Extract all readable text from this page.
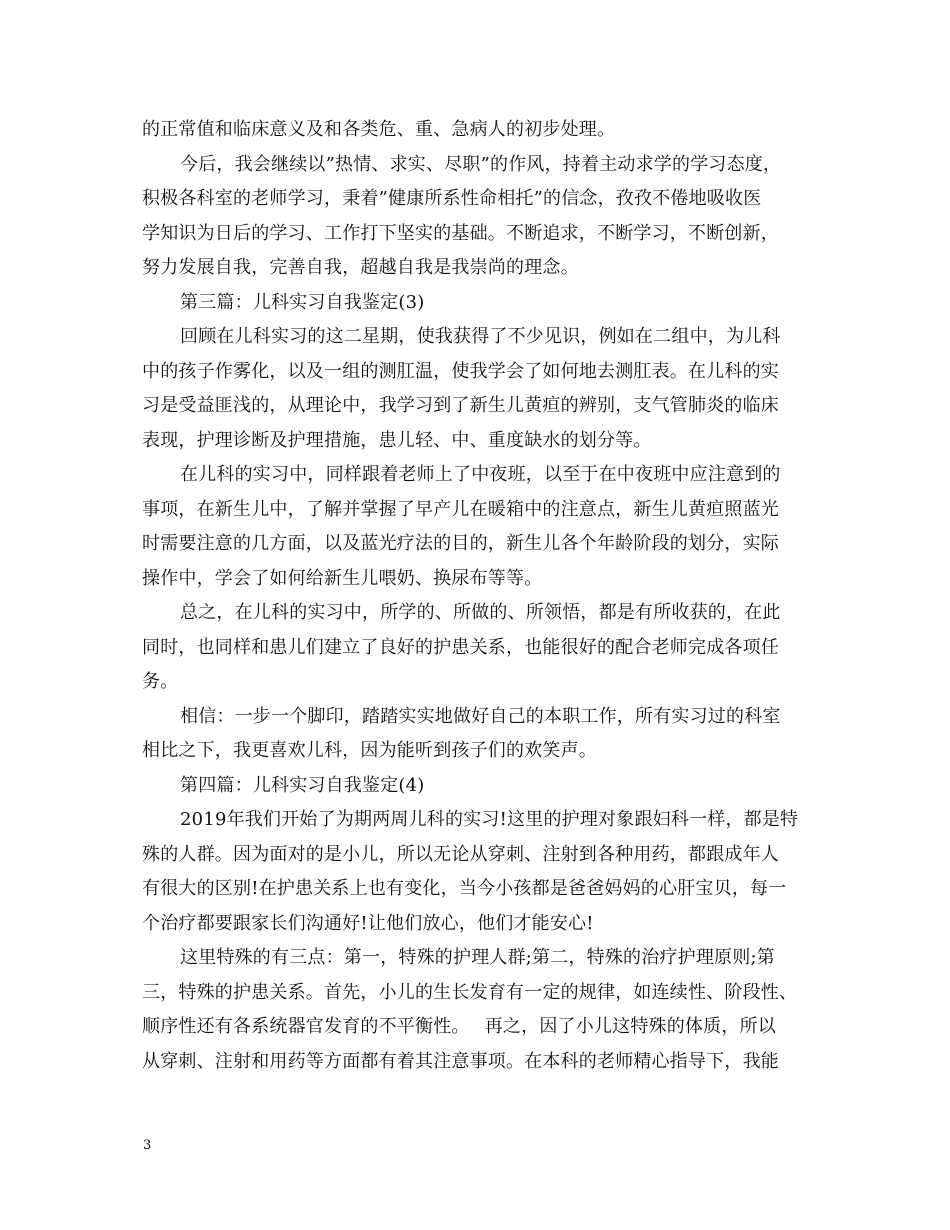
的正常值和临床意义及和各类危、重、急病人的初步处理。
今后，我会继续以”热情、求实、尽职”的作风，持着主动求学的学习态度，
积极各科室的老师学习，秉着”健康所系性命相托”的信念，孜孜不倦地吸收医
学知识为日后的学习、工作打下坚实的基础。不断追求，不断学习，不断创新，
努力发展自我，完善自我，超越自我是我崇尚的理念。
第三篇：儿科实习自我鉴定(3)
回顾在儿科实习的这二星期，使我获得了不少见识，例如在二组中，为儿科
中的孩子作雾化，以及一组的测肛温，使我学会了如何地去测肛表。在儿科的实
习是受益匪浅的，从理论中，我学习到了新生儿黄疸的辨别，支气管肺炎的临床
表现，护理诊断及护理措施，患儿轻、中、重度缺水的划分等。
在儿科的实习中，同样跟着老师上了中夜班，以至于在中夜班中应注意到的
事项，在新生儿中，了解并掌握了早产儿在暖箱中的注意点，新生儿黄疸照蓝光
时需要注意的几方面，以及蓝光疗法的目的，新生儿各个年龄阶段的划分，实际
操作中，学会了如何给新生儿喂奶、换尿布等等。
总之，在儿科的实习中，所学的、所做的、所领悟，都是有所收获的，在此
同时，也同样和患儿们建立了良好的护患关系，也能很好的配合老师完成各项任
务。
相信：一步一个脚印，踏踏实实地做好自己的本职工作，所有实习过的科室
相比之下，我更喜欢儿科，因为能听到孩子们的欢笑声。
第四篇：儿科实习自我鉴定(4)
2019年我们开始了为期两周儿科的实习!这里的护理对象跟妇科一样，都是特
殊的人群。因为面对的是小儿，所以无论从穿刺、注射到各种用药，都跟成年人
有很大的区别!在护患关系上也有变化，当今小孩都是爸爸妈妈的心肝宝贝，每一
个治疗都要跟家长们沟通好!让他们放心，他们才能安心!
这里特殊的有三点：第一，特殊的护理人群;第二，特殊的治疗护理原则;第
三，特殊的护患关系。首先，小儿的生长发育有一定的规律，如连续性、阶段性、
顺序性还有各系统器官发育的不平衡性。　 再之，因了小儿这特殊的体质，所以
从穿刺、注射和用药等方面都有着其注意事项。在本科的老师精心指导下，我能
3
